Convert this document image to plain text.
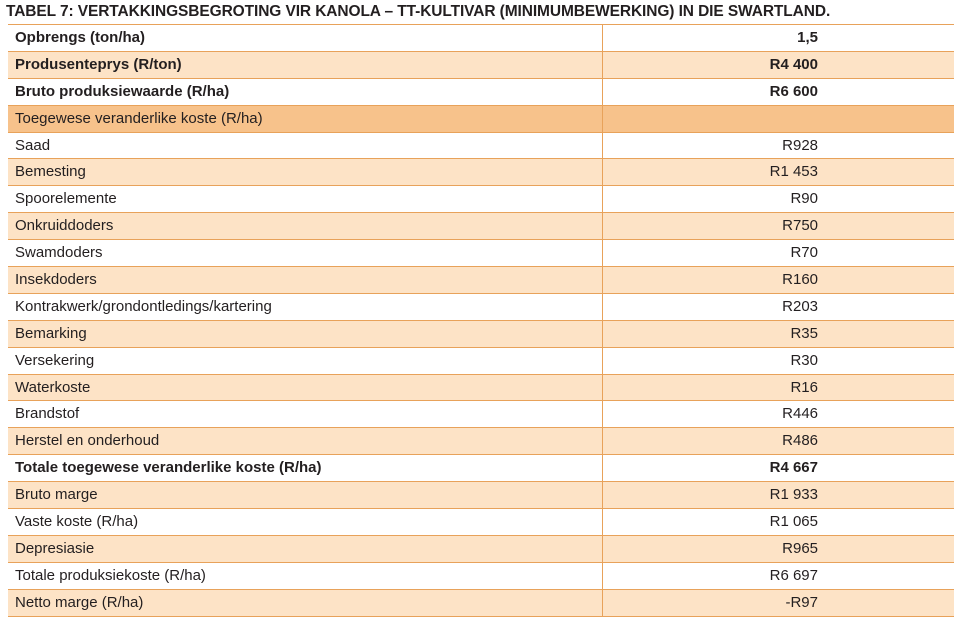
TABEL 7: VERTAKKINGSBEGROTING VIR KANOLA – TT-KULTIVAR (MINIMUMBEWERKING) IN DIE SWARTLAND.
Opbrengs (ton/ha)	1,5
Produsenteprys (R/ton)	R4 400
Bruto produksiewaarde (R/ha)	R6 600
Toegewese veranderlike koste (R/ha)	
Saad	R928
Bemesting	R1 453
Spoorelemente	R90
Onkruiddoders	R750
Swamdoders	R70
Insekdoders	R160
Kontrakwerk/grondontledings/kartering	R203
Bemarking	R35
Versekering	R30
Waterkoste	R16
Brandstof	R446
Herstel en onderhoud	R486
Totale toegewese veranderlike koste (R/ha)	R4 667
Bruto marge	R1 933
Vaste koste (R/ha)	R1 065
Depresiasie	R965
Totale produksiekoste (R/ha)	R6 697
Netto marge (R/ha)	-R97
